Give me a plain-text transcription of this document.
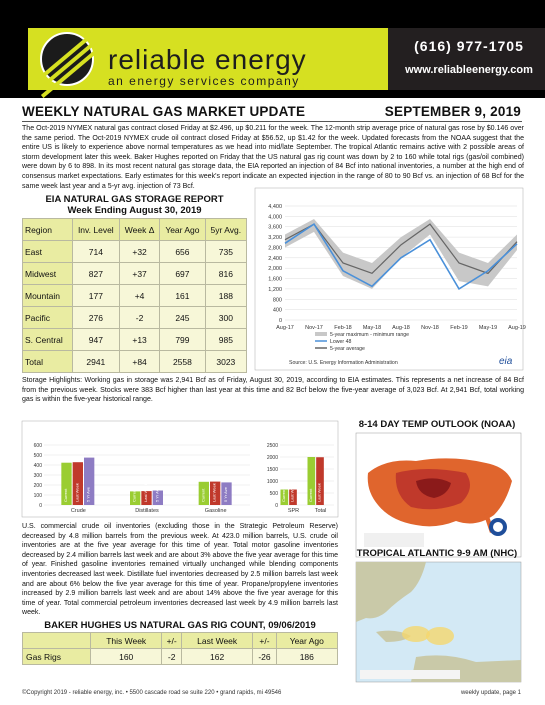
reliable energy
an energy services company
(616) 977-1705
www.reliableenergy.com
WEEKLY NATURAL GAS MARKET UPDATE	SEPTEMBER 9, 2019
The Oct-2019 NYMEX natural gas contract closed Friday at $2.496, up $0.211 for the week. The 12-month strip average price of natural gas rose by $0.146 over the same period. The Oct-2019 NYMEX crude oil contract closed Friday at $56.52, up $1.42 for the week. Updated forecasts from the NOAA suggest that the entire US is likely to experience above normal temperatures as we head into mid/late September. The tropical Atlantic remains active with 2 possible areas of storm development later this week. Baker Hughes reported on Friday that the US natural gas rig count was down by 2 to 160 while total rigs (gas/oil combined) were down by 6 to 898. In its most recent natural gas storage data, the EIA reported an injection of 84 Bcf into national inventories, a number at the high end of consensus market expectations. Early estimates for this week's report indicate an expected injection in the range of 80 to 90 Bcf vs. an injection of 68 Bcf for the same week last year and a 5-yr avg. injection of 73 Bcf.
EIA NATURAL GAS STORAGE REPORT
Week Ending August 30, 2019
Region	Inv. Level	Week Δ	Year Ago	5yr Avg.
East	714	+32	656	735
Midwest	827	+37	697	816
Mountain	177	+4	161	188
Pacific	276	-2	245	300
S. Central	947	+13	799	985
Total	2941	+84	2558	3023
0
400
800
1,200
1,600
2,000
2,400
2,800
3,200
3,600
4,000
4,400
Aug-17 Nov-17 Feb-18 May-18 Aug-18 Nov-18 Feb-19 May-19 Aug-19
5-year maximum - minimum range
Lower 48
5-year average
Source: U.S. Energy Information Administration	eia
Storage Highlights: Working gas in storage was 2,941 Bcf as of Friday, August 30, 2019, according to EIA estimates. This represents a net increase of 84 Bcf from the previous week. Stocks were 383 Bcf higher than last year at this time and 82 Bcf below the five-year average of 3,023 Bcf. At 2,941 Bcf, total working gas is within the five-year historical range.
0
100
200
300
400
500
600
Crude
Current Last Week 5 Yr Ave
Distillates
Current Last Week 5 Yr Ave
Gasoline
Current Last Week 5 Yr Ave
0
500
1000
1500
2000
2500
SPR
Current Last Week
Total
Current Last Week
U.S. commercial crude oil inventories (excluding those in the Strategic Petroleum Reserve) decreased by 4.8 million barrels from the previous week. At 423.0 million barrels, U.S. crude oil inventories are at the five year average for this time of year. Total motor gasoline inventories decreased by 2.4 million barrels last week and are about 3% above the five year average for this time of year. Finished gasoline inventories remained virtually unchanged while blending components inventories decreased last week. Distillate fuel inventories decreased by 2.5 million barrels last week and are about 6% below the five year average for this time of year. Propane/propylene inventories increased by 2.9 million barrels last week and are about 14% above the five year average for this time of year. Total commercial petroleum inventories decreased last week by 4.9 million barrels last week.
8-14 DAY TEMP OUTLOOK (NOAA)
TROPICAL ATLANTIC 9-9 AM (NHC)
BAKER HUGHES US NATURAL GAS RIG COUNT, 09/06/2019
	This Week	+/-	Last Week	+/-	Year Ago
Gas Rigs	160	-2	162	-26	186
©Copyright 2019 - reliable energy, inc. • 5500 cascade road se suite 220 • grand rapids, mi 49546	weekly update, page 1
